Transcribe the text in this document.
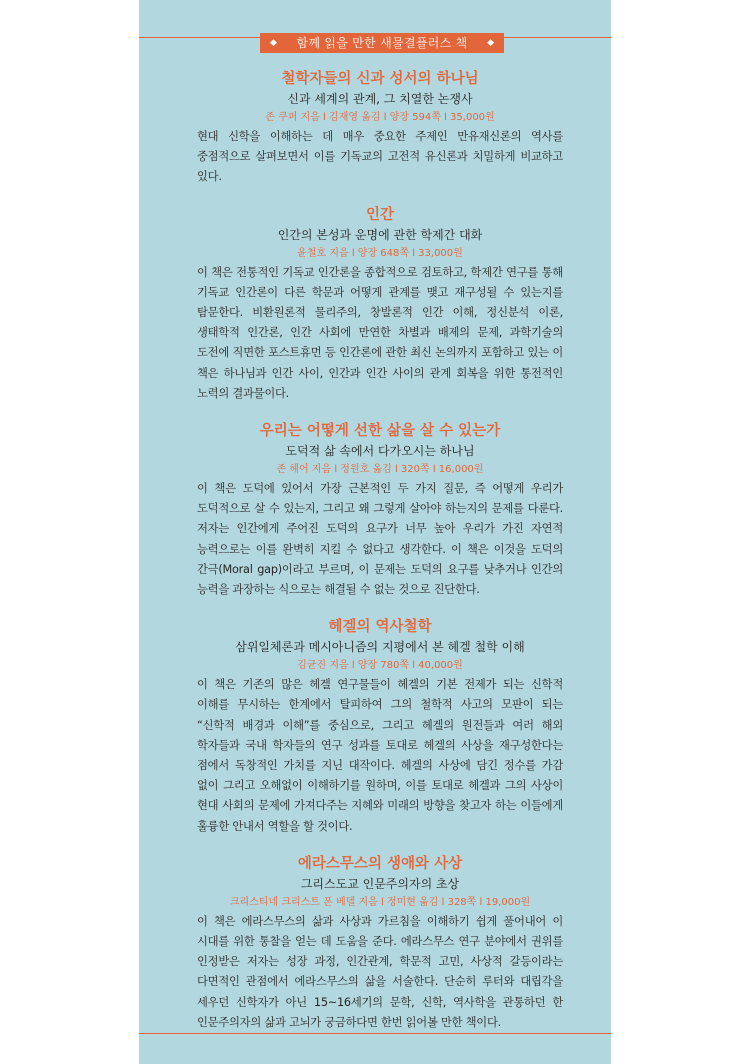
◆	함께 읽을 만한 새물결플러스 책	◆
철학자들의 신과 성서의 하나님
신과 세계의 관계, 그 치열한 논쟁사
존 쿠퍼 지음 l 김재영 옮김 l 양장 594쪽 l 35,000원

현대 신학을 이해하는 데 매우 중요한 주제인 만유재신론의 역사를 중점적으로 살펴보면서 이를 기독교의 고전적 유신론과 치밀하게 비교하고 있다.

인간
인간의 본성과 운명에 관한 학제간 대화
윤철호 지음 l 양장 648쪽 l 33,000원

이 책은 전통적인 기독교 인간론을 종합적으로 검토하고, 학제간 연구를 통해 기독교 인간론이 다른 학문과 어떻게 관계를 맺고 재구성될 수 있는지를 탐문한다. 비환원론적 물리주의, 창발론적 인간 이해, 정신분석 이론, 생태학적 인간론, 인간 사회에 만연한 차별과 배제의 문제, 과학기술의 도전에 직면한 포스트휴먼 등 인간론에 관한 최신 논의까지 포함하고 있는 이 책은 하나님과 인간 사이, 인간과 인간 사이의 관계 회복을 위한 통전적인 노력의 결과물이다.

우리는 어떻게 선한 삶을 살 수 있는가
도덕적 삶 속에서 다가오시는 하나님
존 헤어 지음 l 정원호 옮김 l 320쪽 l 16,000원

이 책은 도덕에 있어서 가장 근본적인 두 가지 질문, 즉 어떻게 우리가 도덕적으로 살 수 있는지, 그리고 왜 그렇게 살아야 하는지의 문제를 다룬다. 저자는 인간에게 주어진 도덕의 요구가 너무 높아 우리가 가진 자연적 능력으로는 이를 완벽히 지킬 수 없다고 생각한다. 이 책은 이것을 도덕의 간극(Moral gap)이라고 부르며, 이 문제는 도덕의 요구를 낮추거나 인간의 능력을 과장하는 식으로는 해결될 수 없는 것으로 진단한다.

헤겔의 역사철학
삼위일체론과 메시아니즘의 지평에서 본 헤겔 철학 이해
김균진 지음 l 양장 780쪽 l 40,000원

이 책은 기존의 많은 헤겔 연구물들이 헤겔의 기본 전제가 되는 신학적 이해를 무시하는 한계에서 탈피하여 그의 철학적 사고의 모판이 되는 “신학적 배경과 이해”를 중심으로, 그리고 헤겔의 원전들과 여러 해외 학자들과 국내 학자들의 연구 성과를 토대로 헤겔의 사상을 재구성한다는 점에서 독창적인 가치를 지닌 대작이다. 헤겔의 사상에 담긴 정수를 가감 없이 그리고 오해없이 이해하기를 원하며, 이를 토대로 헤겔과 그의 사상이 현대 사회의 문제에 가져다주는 지혜와 미래의 방향을 찾고자 하는 이들에게 훌륭한 안내서 역할을 할 것이다.

에라스무스의 생애와 사상
그리스도교 인문주의자의 초상
크리스티네 크리스트 폰 베델 지음 l 정미현 옮김 l 328쪽 l 19,000원

이 책은 에라스무스의 삶과 사상과 가르침을 이해하기 쉽게 풀어내어 이 시대를 위한 통찰을 얻는 데 도움을 준다. 에라스무스 연구 분야에서 권위를 인정받은 저자는 성장 과정, 인간관계, 학문적 고민, 사상적 갈등이라는 다면적인 관점에서 에라스무스의 삶을 서술한다. 단순히 루터와 대립각을 세우던 신학자가 아닌 15~16세기의 문학, 신학, 역사학을 관통하던 한 인문주의자의 삶과 고뇌가 궁금하다면 한번 읽어볼 만한 책이다.
